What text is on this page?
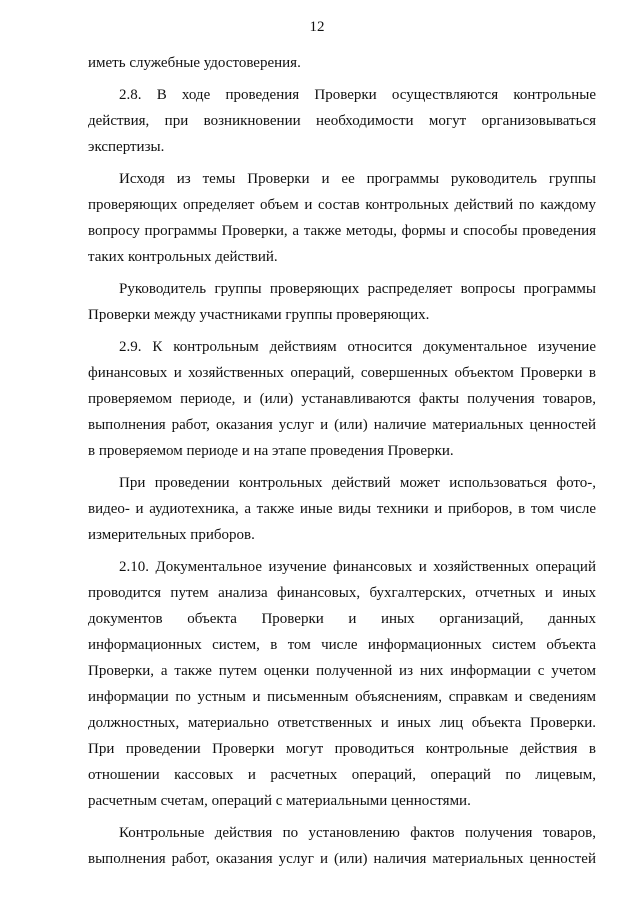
12
иметь служебные удостоверения.
2.8. В ходе проведения Проверки осуществляются контрольные
действия, при возникновении необходимости могут организовываться
экспертизы.
Исходя из темы Проверки и ее программы руководитель группы
проверяющих определяет объем и состав контрольных действий по каждому
вопросу программы Проверки, а также методы, формы и способы проведения
таких контрольных действий.
Руководитель группы проверяющих распределяет вопросы программы
Проверки между участниками группы проверяющих.
2.9. К контрольным действиям относится документальное изучение
финансовых и хозяйственных операций, совершенных объектом Проверки в
проверяемом периоде, и (или) устанавливаются факты получения товаров,
выполнения работ, оказания услуг и (или) наличие материальных ценностей
в проверяемом периоде и на этапе проведения Проверки.
При проведении контрольных действий может использоваться фото-,
видео- и аудиотехника, а также иные виды техники и приборов, в том числе
измерительных приборов.
2.10. Документальное изучение финансовых и хозяйственных операций
проводится путем анализа финансовых, бухгалтерских, отчетных и иных
документов объекта Проверки и иных организаций, данных
информационных систем, в том числе информационных систем объекта
Проверки, а также путем оценки полученной из них информации с учетом
информации по устным и письменным объяснениям, справкам и сведениям
должностных, материально ответственных и иных лиц объекта Проверки.
При проведении Проверки могут проводиться контрольные действия в
отношении кассовых и расчетных операций, операций по лицевым,
расчетным счетам, операций с материальными ценностями.
Контрольные действия по установлению фактов получения товаров,
выполнения работ, оказания услуг и (или) наличия материальных ценностей
